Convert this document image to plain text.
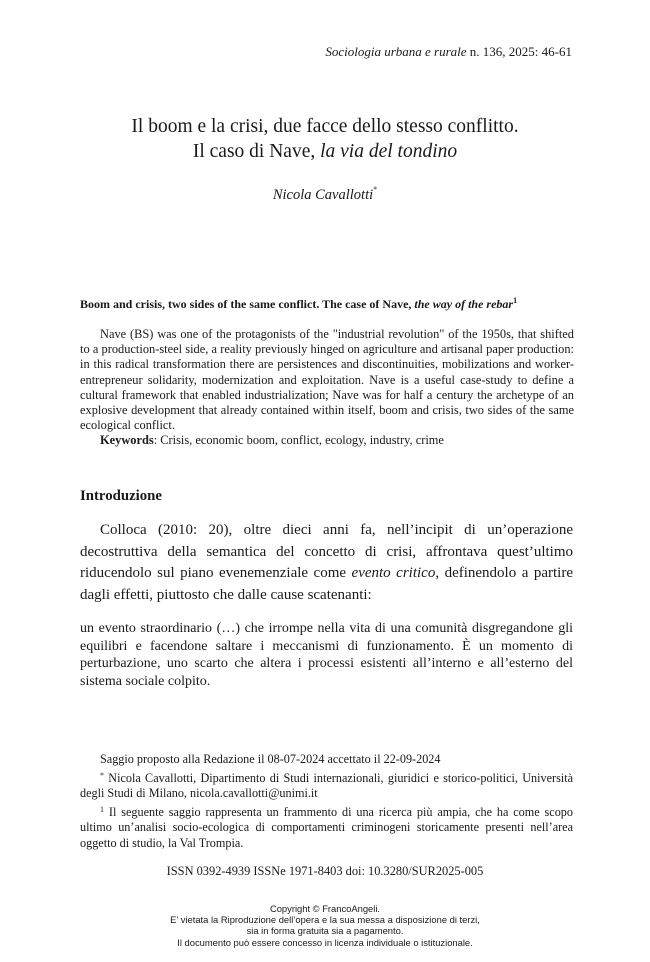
Sociologia urbana e rurale n. 136, 2025: 46-61
Il boom e la crisi, due facce dello stesso conflitto.
Il caso di Nave, la via del tondino
Nicola Cavallotti*
Boom and crisis, two sides of the same conflict. The case of Nave, the way of the rebar$^1$

Nave (BS) was one of the protagonists of the "industrial revolution" of the 1950s, that shifted to a production-steel side, a reality previously hinged on agriculture and artisanal paper production: in this radical transformation there are persistences and discontinuities, mobilizations and worker-entrepreneur solidarity, modernization and exploitation. Nave is a useful case-study to define a cultural framework that enabled industrialization; Nave was for half a century the archetype of an explosive development that already contained within itself, boom and crisis, two sides of the same ecological conflict.

Keywords: Crisis, economic boom, conflict, ecology, industry, crime

Introduzione

Colloca (2010: 20), oltre dieci anni fa, nell’incipit di un’operazione decostruttiva della semantica del concetto di crisi, affrontava quest’ultimo riducendolo sul piano evenemenziale come evento critico, definendolo a partire dagli effetti, piuttosto che dalle cause scatenanti:

un evento straordinario (…) che irrompe nella vita di una comunità disgregandone gli equilibri e facendone saltare i meccanismi di funzionamento. È un momento di perturbazione, uno scarto che altera i processi esistenti all’interno e all’esterno del sistema sociale colpito.

Saggio proposto alla Redazione il 08-07-2024 accettato il 22-09-2024

* Nicola Cavallotti, Dipartimento di Studi internazionali, giuridici e storico-politici, Università degli Studi di Milano, nicola.cavallotti@unimi.it

$^1$ Il seguente saggio rappresenta un frammento di una ricerca più ampia, che ha come scopo ultimo un’analisi socio-ecologica di comportamenti criminogeni storicamente presenti nell’area oggetto di studio, la Val Trompia.

ISSN 0392-4939 ISSNe 1971-8403 doi: 10.3280/SUR2025-005
Copyright © FrancoAngeli.
E’ vietata la Riproduzione dell’opera e la sua messa a disposizione di terzi,
sia in forma gratuita sia a pagamento.
Il documento può essere concesso in licenza individuale o istituzionale.
